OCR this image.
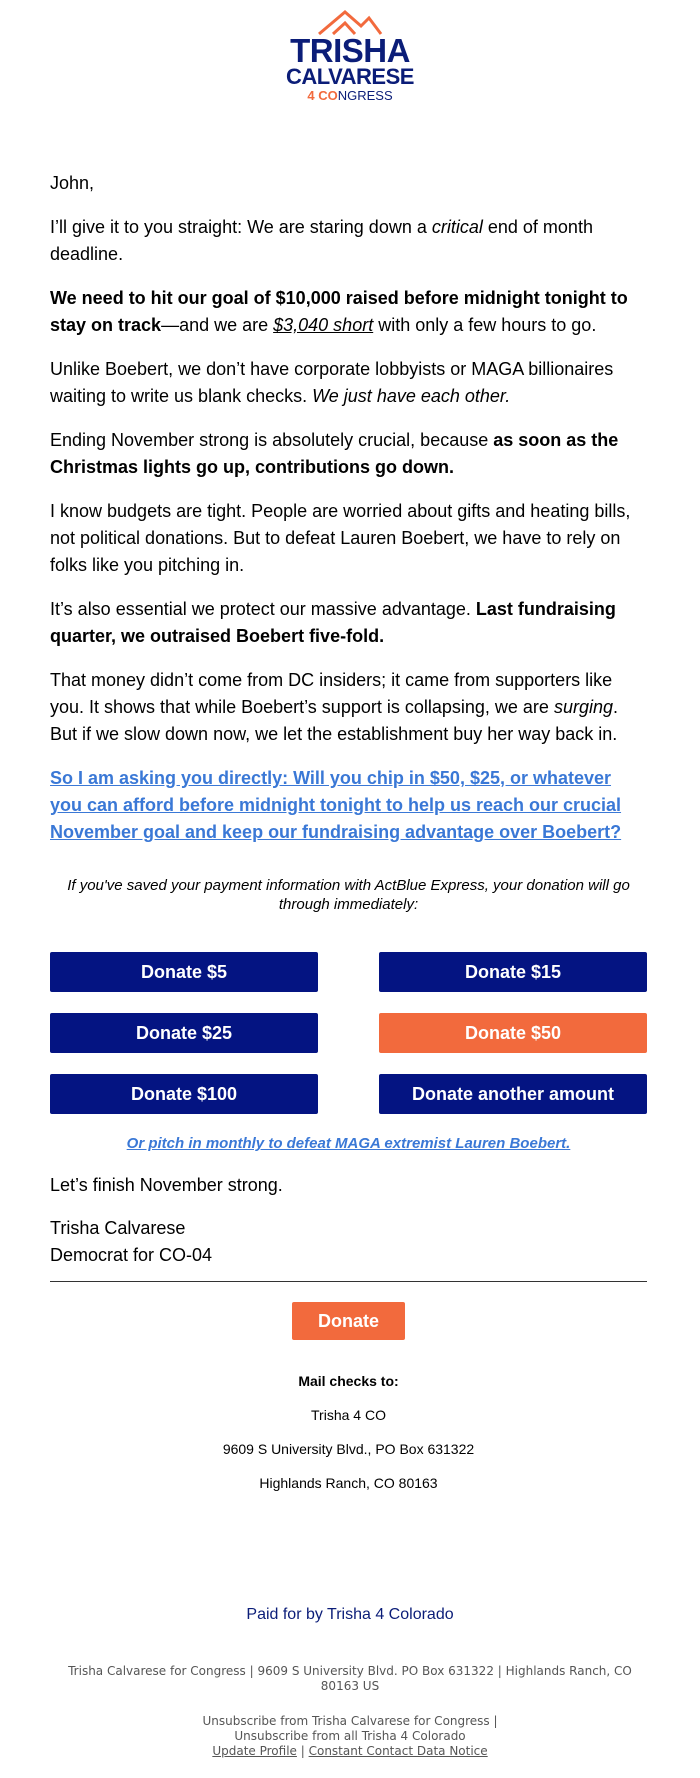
TRISHA
CALVARESE
4 CONGRESS

John,

I’ll give it to you straight: We are staring down a critical end of month deadline.

We need to hit our goal of $10,000 raised before midnight tonight to stay on track—and we are $3,040 short with only a few hours to go.

Unlike Boebert, we don’t have corporate lobbyists or MAGA billionaires waiting to write us blank checks. We just have each other.

Ending November strong is absolutely crucial, because as soon as the Christmas lights go up, contributions go down.

I know budgets are tight. People are worried about gifts and heating bills, not political donations. But to defeat Lauren Boebert, we have to rely on folks like you pitching in.

It’s also essential we protect our massive advantage. Last fundraising quarter, we outraised Boebert five-fold.

That money didn’t come from DC insiders; it came from supporters like you. It shows that while Boebert’s support is collapsing, we are surging. But if we slow down now, we let the establishment buy her way back in.

So I am asking you directly: Will you chip in $50, $25, or whatever you can afford before midnight tonight to help us reach our crucial November goal and keep our fundraising advantage over Boebert?

If you've saved your payment information with ActBlue Express, your donation will go through immediately:
Donate $5	Donate $15
Donate $25	Donate $50
Donate $100	Donate another amount
Or pitch in monthly to defeat MAGA extremist Lauren Boebert.

Let’s finish November strong.

Trisha Calvarese
Democrat for CO-04
Donate
Mail checks to:
Trisha 4 CO
9609 S University Blvd., PO Box 631322
Highlands Ranch, CO 80163
Paid for by Trisha 4 Colorado
Trisha Calvarese for Congress | 9609 S University Blvd. PO Box 631322 | Highlands Ranch, CO 80163 US
Unsubscribe from Trisha Calvarese for Congress |
Unsubscribe from all Trisha 4 Colorado
Update Profile | Constant Contact Data Notice
